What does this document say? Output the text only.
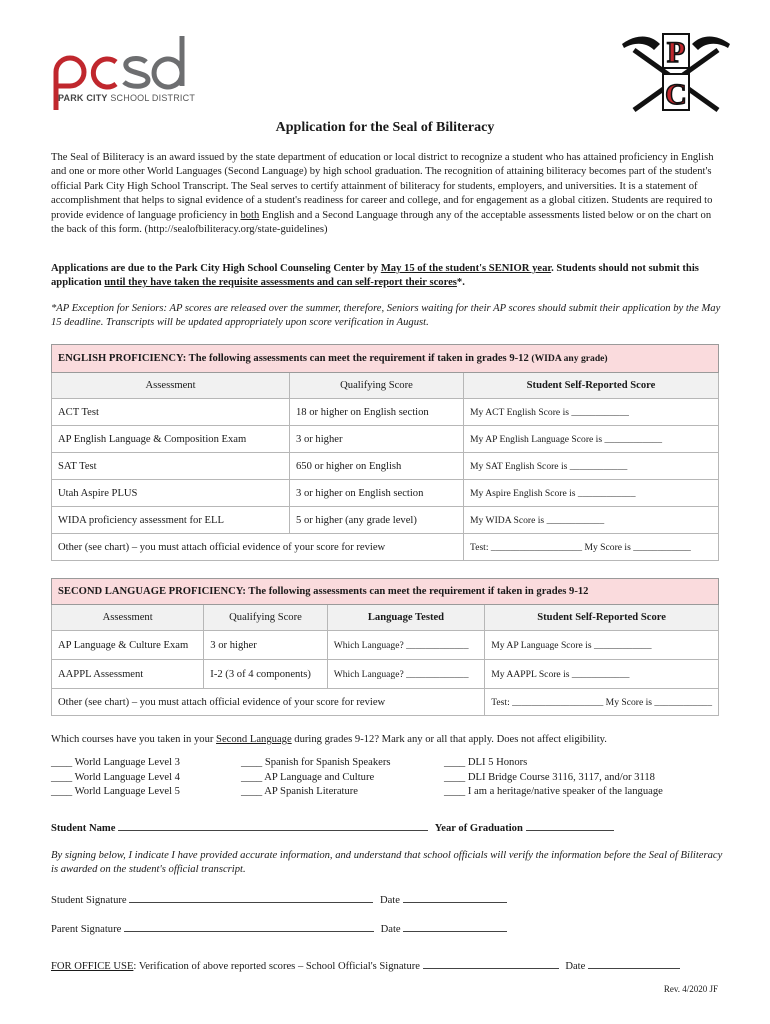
PARK CITY SCHOOL DISTRICT
P
C
Application for the Seal of Biliteracy
The Seal of Biliteracy is an award issued by the state department of education or local district to recognize a student who has attained proficiency in English and one or more other World Languages (Second Language) by high school graduation. The recognition of attaining biliteracy becomes part of the student's official Park City High School Transcript. The Seal serves to certify attainment of biliteracy for students, employers, and universities. It is a statement of accomplishment that helps to signal evidence of a student's readiness for career and college, and for engagement as a global citizen. Students are required to provide evidence of language proficiency in both English and a Second Language through any of the acceptable assessments listed below or on the chart on the back of this form. (http://sealofbiliteracy.org/state-guidelines)
Applications are due to the Park City High School Counseling Center by May 15 of the student's SENIOR year. Students should not submit this application until they have taken the requisite assessments and can self-report their scores*.
*AP Exception for Seniors: AP scores are released over the summer, therefore, Seniors waiting for their AP scores should submit their application by the May 15 deadline. Transcripts will be updated appropriately upon score verification in August.
ENGLISH PROFICIENCY: The following assessments can meet the requirement if taken in grades 9-12 (WIDA any grade)		
Assessment	Qualifying Score	Student Self-Reported Score
ACT Test	18 or higher on English section	My ACT English Score is ____________
AP English Language & Composition Exam	3 or higher	My AP English Language Score is ____________
SAT Test	650 or higher on English	My SAT English Score is ____________
Utah Aspire PLUS	3 or higher on English section	My Aspire English Score is ____________
WIDA proficiency assessment for ELL	5 or higher (any grade level)	My WIDA Score is ____________
Other (see chart) – you must attach official evidence of your score for review		Test: ___________________ My Score is ____________
SECOND LANGUAGE PROFICIENCY: The following assessments can meet the requirement if taken in grades 9-12			
Assessment	Qualifying Score	Language Tested	Student Self-Reported Score
AP Language & Culture Exam	3 or higher	Which Language? _____________	My AP Language Score is ____________
AAPPL Assessment	I-2 (3 of 4 components)	Which Language? _____________	My AAPPL Score is ____________
Other (see chart) – you must attach official evidence of your score for review			Test: ___________________ My Score is ____________
Which courses have you taken in your Second Language during grades 9-12? Mark any or all that apply. Does not affect eligibility.
____ World Language Level 3
____ World Language Level 4
____ World Language Level 5
____ Spanish for Spanish Speakers
____ AP Language and Culture
____ AP Spanish Literature
____ DLI 5 Honors
____ DLI Bridge Course 3116, 3117, and/or 3118
____ I am a heritage/native speaker of the language
Student Name	Year of Graduation
By signing below, I indicate I have provided accurate information, and understand that school officials will verify the information before the Seal of Biliteracy is awarded on the student's official transcript.
Student Signature	Date
Parent Signature	Date
FOR OFFICE USE: Verification of above reported scores – School Official's Signature	Date
Rev. 4/2020 JF
